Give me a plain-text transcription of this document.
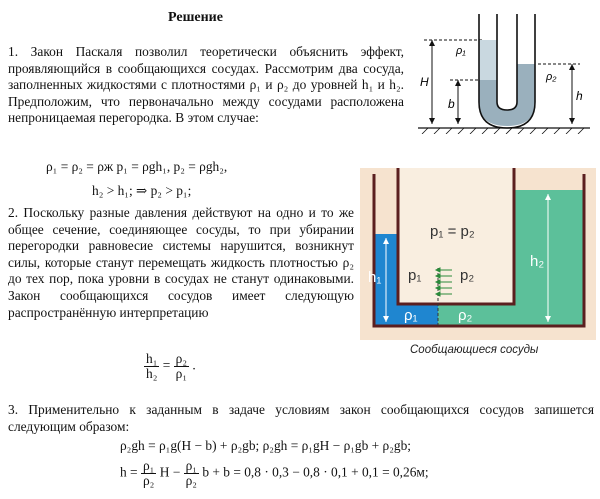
Решение
ρ₁
ρ₂
H
b
h
1. Закон Паскаля позволил теоретически объяснить эффект, проявляющийся в сообщающихся сосудах. Рассмотрим два сосуда, заполненных жидкостями с плотностями ρ₁ и ρ₂ до уровней h₁ и h₂. Предположим, что первоначально между сосудами расположена непроницаемая перегородка. В этом случае:
ρ₁ = ρ₂ = ρж p₁ = ρgh₁, p₂ = ρgh₂,
h₂ > h₁; ⇒ p₂ > p₁;
2. Поскольку разные давления действуют на одно и то же общее сечение, соединяющее сосуды, то при убирании перегородки равновесие системы нарушится, возникнут силы, которые станут перемещать жидкость плотностью ρ₂ до тех пор, пока уровни в сосудах не станут одинаковыми. Закон сообщающихся сосудов имеет следующую распространённую интерпретацию
$\frac{\text{h₁}}{\text{h₂}} = \frac{\text{ρ₂}}{\text{ρ₁}}$ .
p₁ = p₂
p₁	p₂
h₁
h₂
ρ₁	ρ₂
Сообщающиеся сосуды
3. Применительно к заданным в задаче условиям закон сообщающихся сосудов запишется следующим образом:
ρ₂gh = ρ₁g(H − b) + ρ₂gb; ρ₂gh = ρ₁gH − ρ₁gb + ρ₂gb;
$h = \frac{\text{ρ₁}}{\text{ρ₂}}$ $H - \frac{\text{ρ₁}}{\text{ρ₂}}$ b + b = 0,8 · 0,3 − 0,8 · 0,1 + 0,1 = 0,26м;
